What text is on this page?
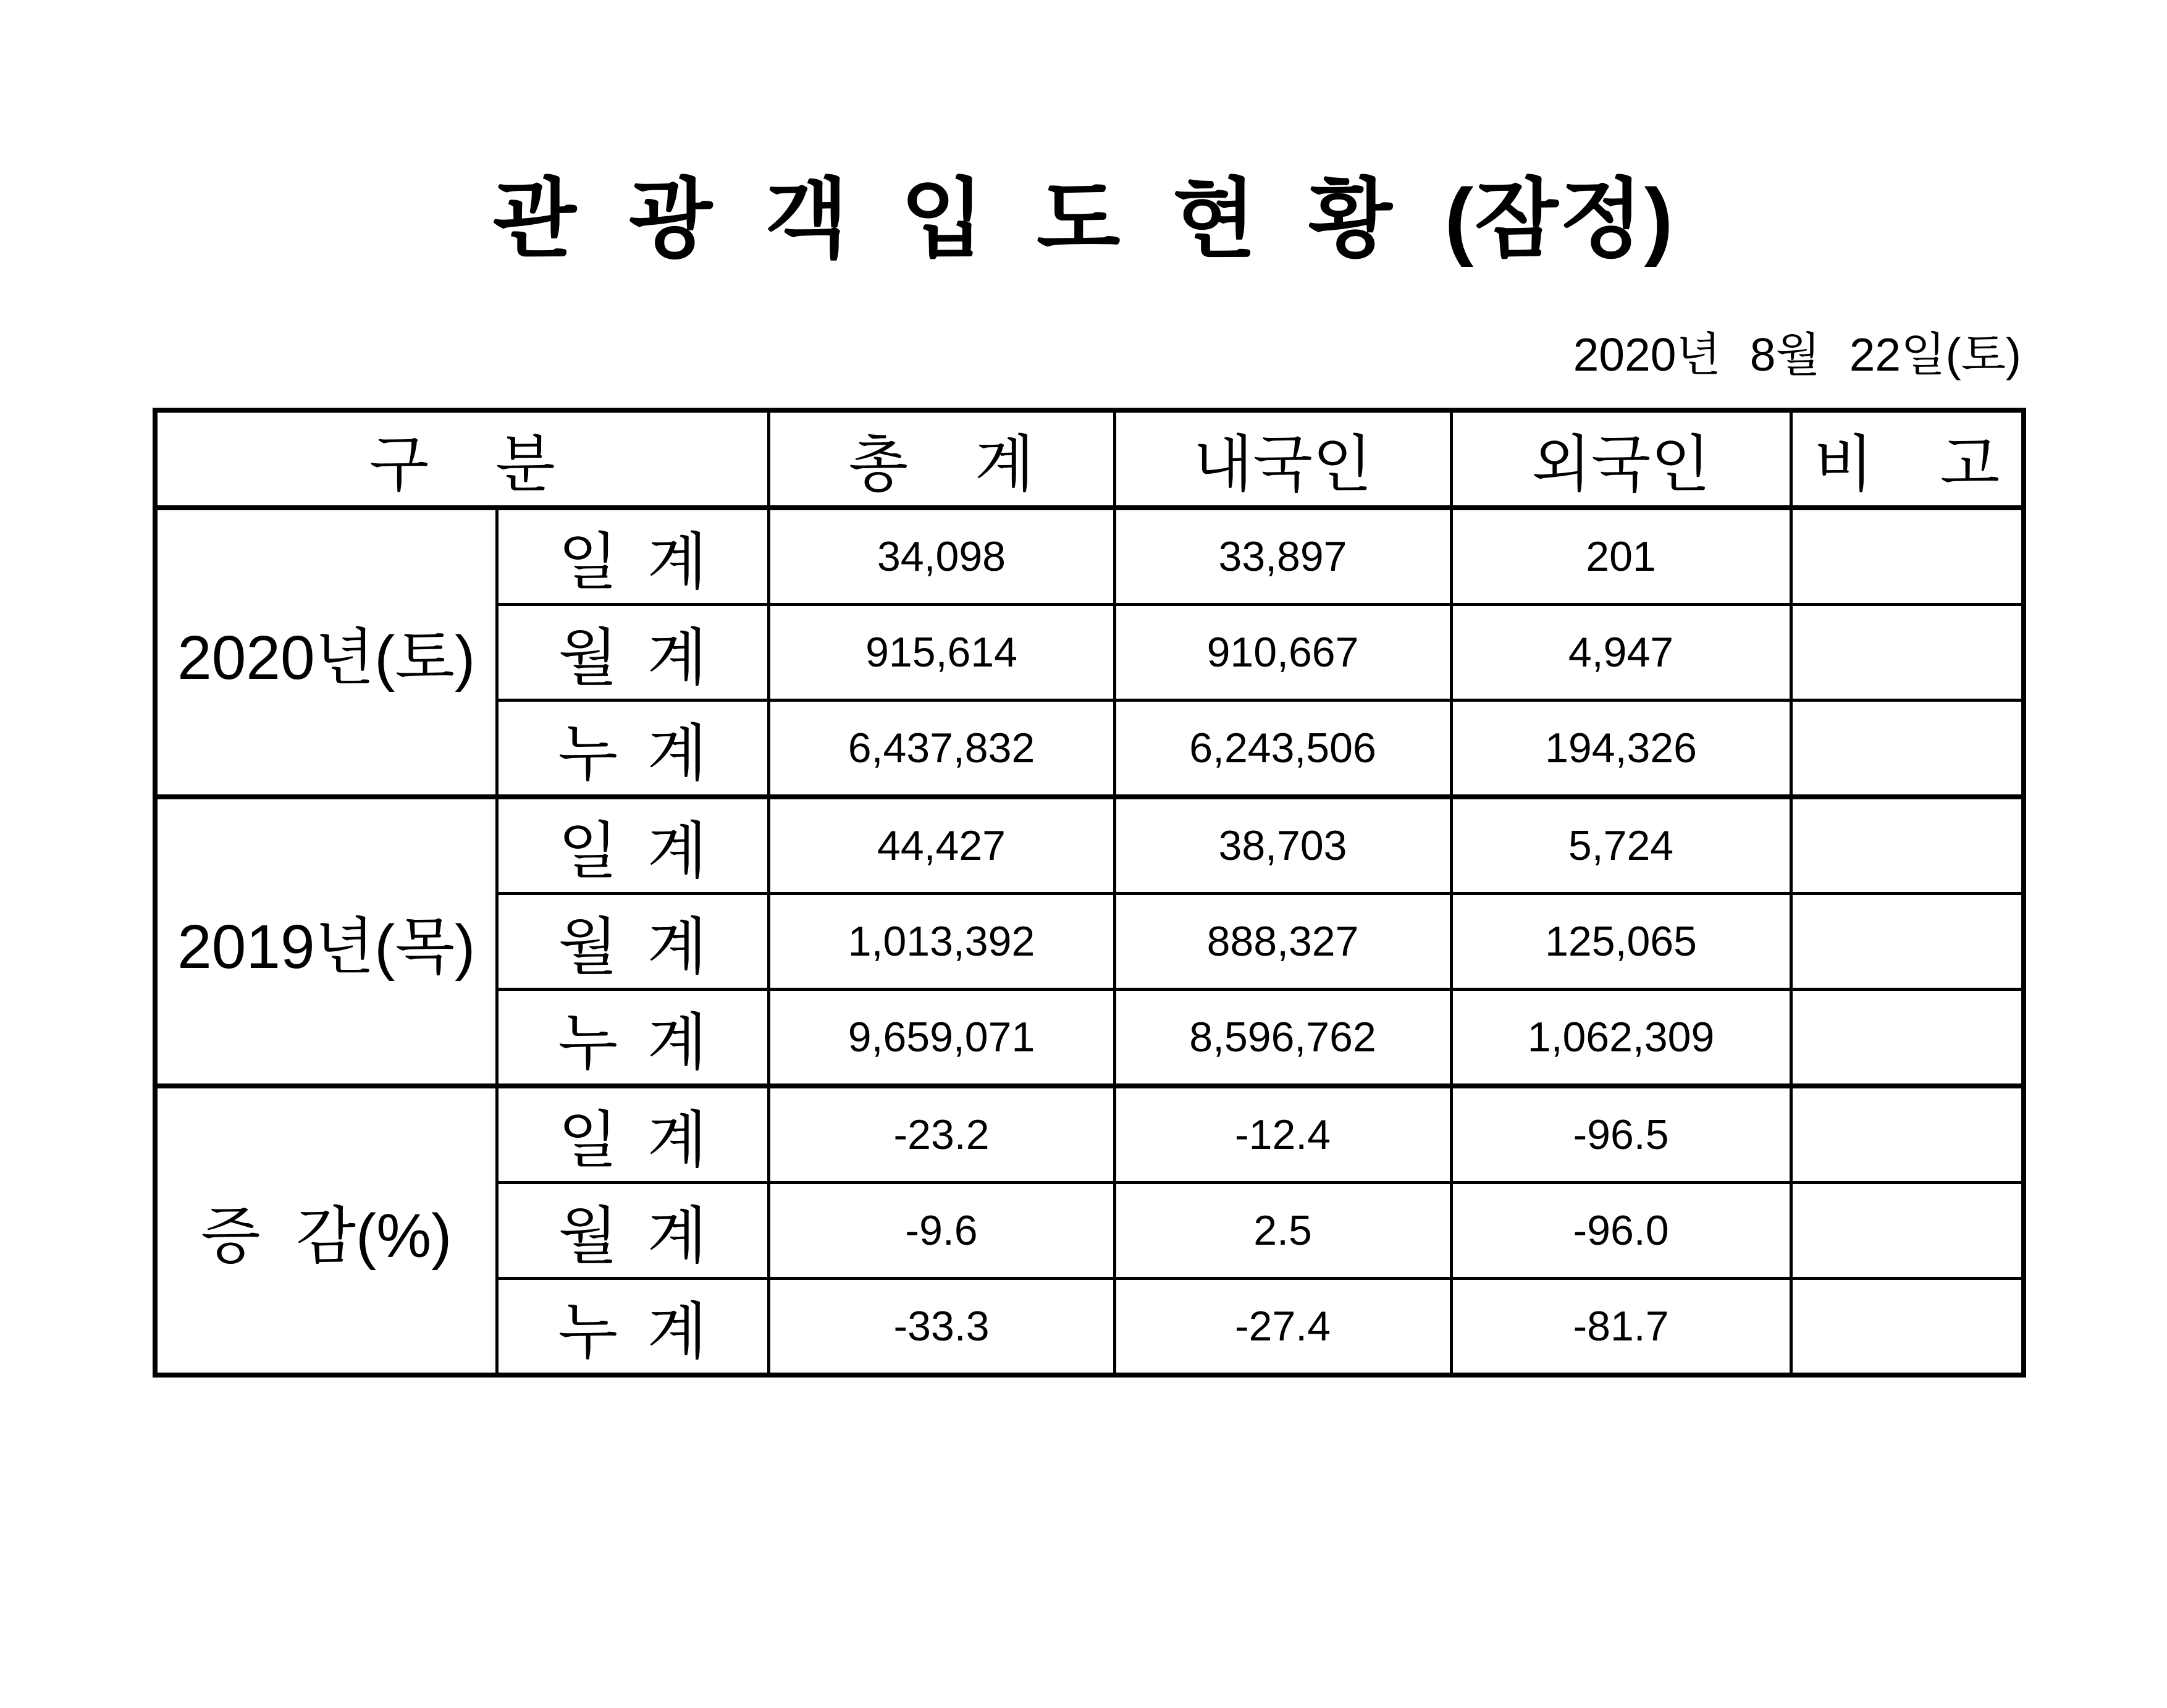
관 광 객 입 도 현 황 (잠정)
2020년 8월 22일(토)
구 분		총 계	내국인	외국인	비 고
2020년(토)	일 계	34,098	33,897	201	
	월 계	915,614	910,667	4,947	
	누 계	6,437,832	6,243,506	194,326	
2019년(목)	일 계	44,427	38,703	5,724	
	월 계	1,013,392	888,327	125,065	
	누 계	9,659,071	8,596,762	1,062,309	
증 감(%)	일 계	-23.2	-12.4	-96.5	
	월 계	-9.6	2.5	-96.0	
	누 계	-33.3	-27.4	-81.7	
